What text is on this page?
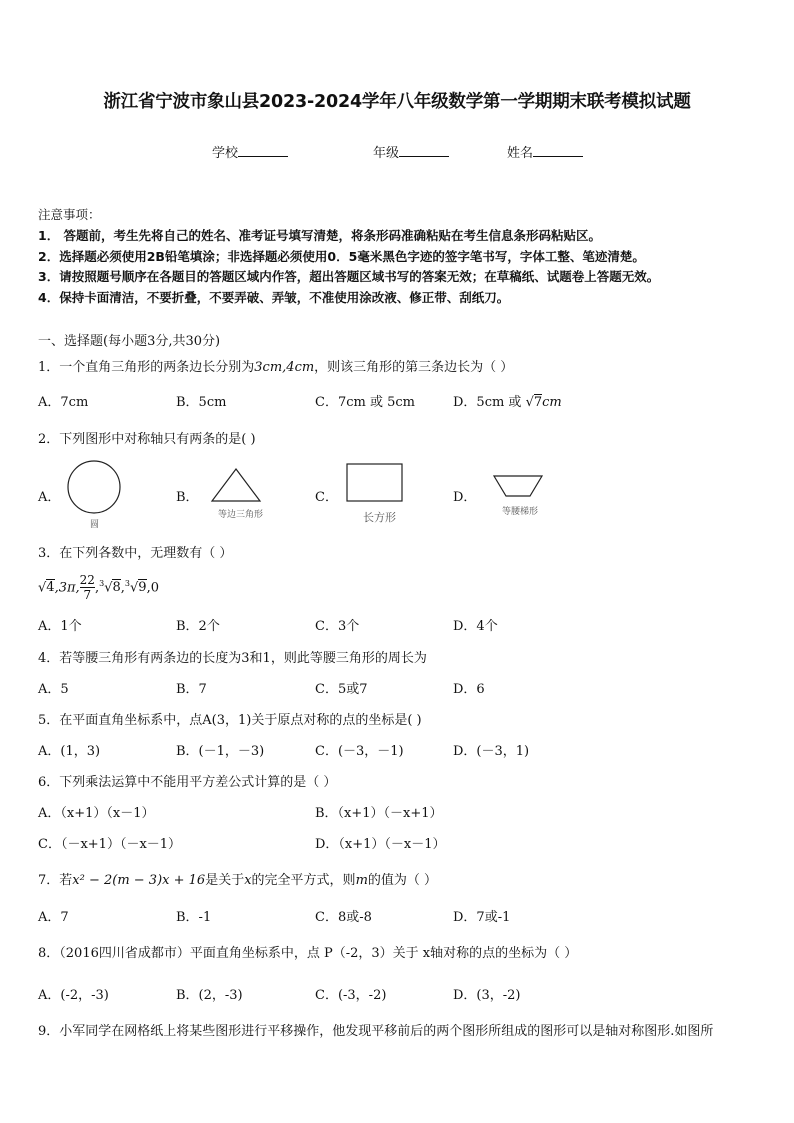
浙江省宁波市象山县2023-2024学年八年级数学第一学期期末联考模拟试题
学校	年级	姓名
注意事项：
1． 答题前，考生先将自己的姓名、准考证号填写清楚，将条形码准确粘贴在考生信息条形码粘贴区。
2．选择题必须使用2B铅笔填涂；非选择题必须使用0．5毫米黑色字迹的签字笔书写，字体工整、笔迹清楚。
3．请按照题号顺序在各题目的答题区域内作答，超出答题区域书写的答案无效；在草稿纸、试题卷上答题无效。
4．保持卡面清洁，不要折叠，不要弄破、弄皱，不准使用涂改液、修正带、刮纸刀。
一、选择题(每小题3分,共30分)
1．一个直角三角形的两条边长分别为3cm,4cm，则该三角形的第三条边长为（ ）
A．7cm	B．5cm	C．7cm 或 5cm	D．5cm 或 √7cm
2．下列图形中对称轴只有两条的是( )
A．
圆
B．
等边三角形
C．
长方形
D．
等腰梯形
3．在下列各数中，无理数有（ ）
√4,3π, $\frac{22}{7} ,^3√8,^3√9,0$
A．1个	B．2个	C．3个	D．4个
4．若等腰三角形有两条边的长度为3和1，则此等腰三角形的周长为
A．5	B．7	C．5或7	D．6
5．在平面直角坐标系中，点A(3，1)关于原点对称的点的坐标是( )
A．(1，3)	B．(－1，－3)	C．(－3，－1)	D．(－3，1)
6．下列乘法运算中不能用平方差公式计算的是（ ）
A．（x+1）（x－1）	B．（x+1）（－x+1）
C．（－x+1）（－x－1）	D．（x+1）（－x－1）
7．若x² − 2(m − 3)x + 16是关于x的完全平方式，则m的值为（ ）
A．7	B．-1	C．8或-8	D．7或-1
8．（2016四川省成都市）平面直角坐标系中，点 P（-2，3）关于 x轴对称的点的坐标为（ ）
A．(-2，-3)	B．(2，-3)	C．(-3，-2)	D．(3，-2)
9．小军同学在网格纸上将某些图形进行平移操作，他发现平移前后的两个图形所组成的图形可以是轴对称图形.如图所
